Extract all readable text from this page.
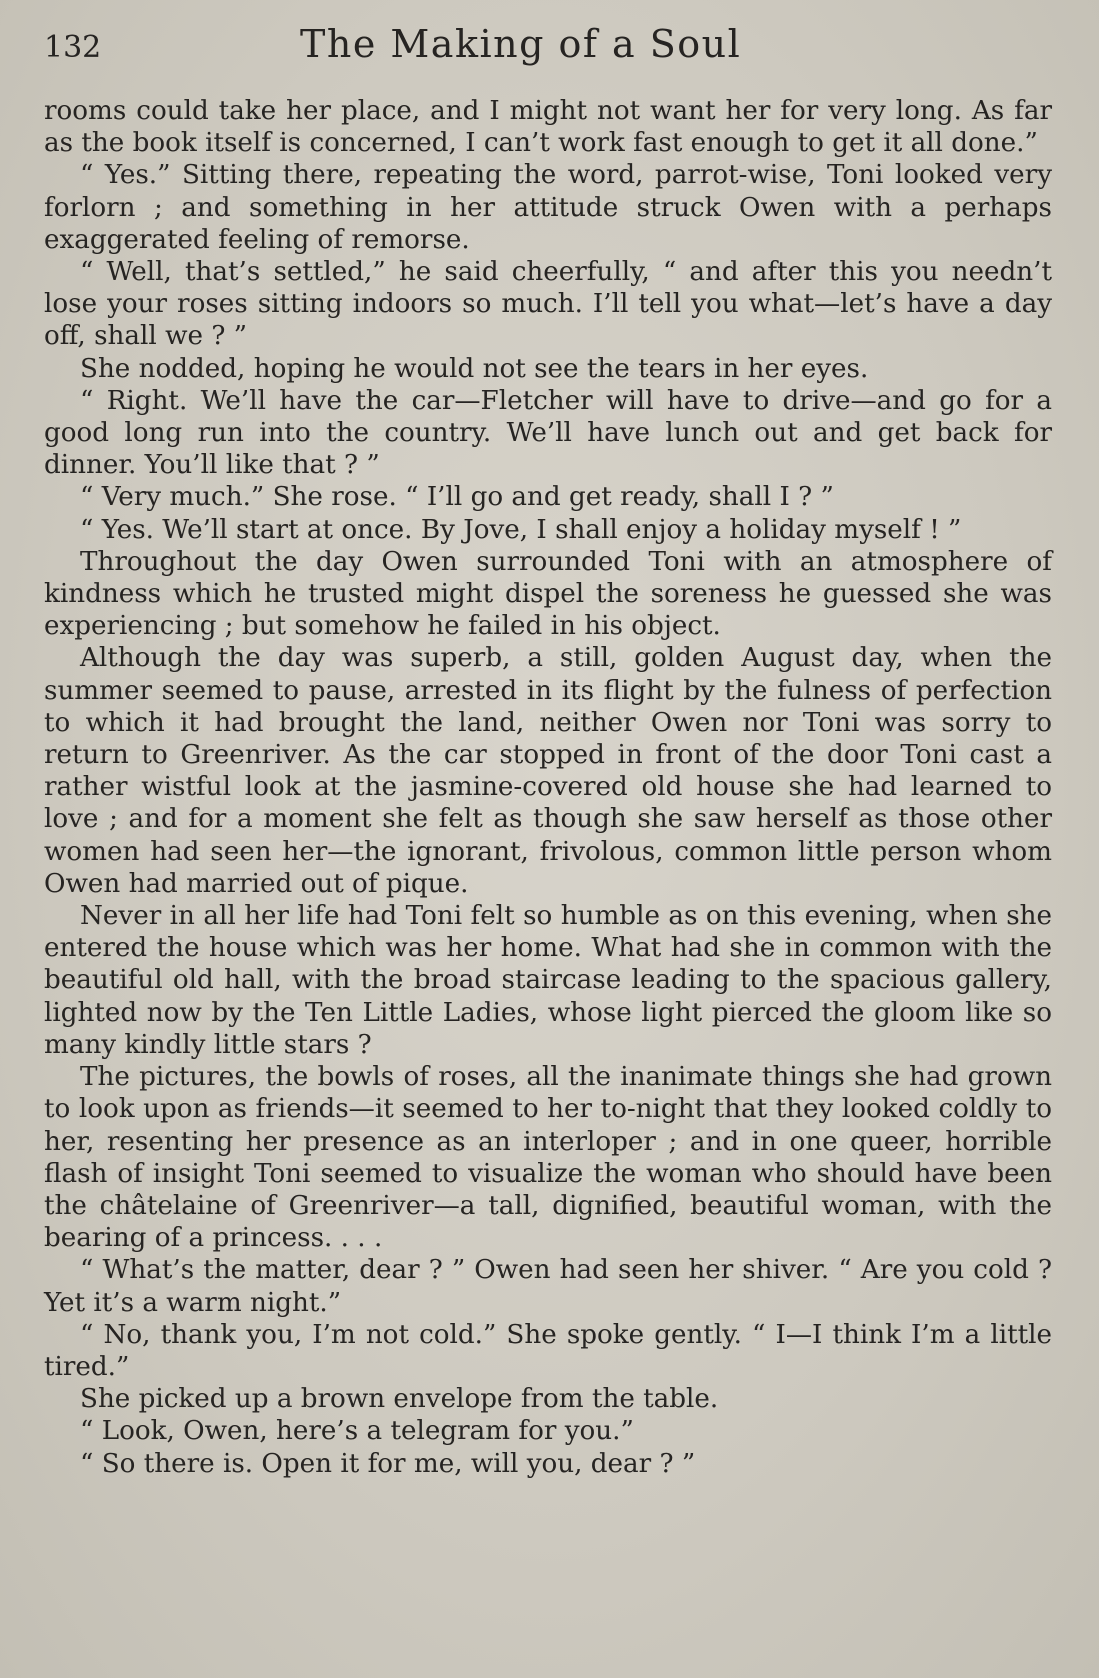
132	The Making of a Soul

rooms could take her place, and I might not want her for very long. As far as the book itself is concerned, I can’t work fast enough to get it all done.”

“ Yes.” Sitting there, repeating the word, parrot-wise, Toni looked very forlorn ; and something in her attitude struck Owen with a perhaps exaggerated feeling of remorse.

“ Well, that’s settled,” he said cheerfully, “ and after this you needn’t lose your roses sitting indoors so much. I’ll tell you what—let’s have a day off, shall we ? ”

She nodded, hoping he would not see the tears in her eyes.

“ Right. We’ll have the car—Fletcher will have to drive—and go for a good long run into the country. We’ll have lunch out and get back for dinner. You’ll like that ? ”

“ Very much.” She rose. “ I’ll go and get ready, shall I ? ”

“ Yes. We’ll start at once. By Jove, I shall enjoy a holiday myself ! ”

Throughout the day Owen surrounded Toni with an atmosphere of kindness which he trusted might dispel the soreness he guessed she was experiencing ; but somehow he failed in his object.

Although the day was superb, a still, golden August day, when the summer seemed to pause, arrested in its flight by the fulness of perfection to which it had brought the land, neither Owen nor Toni was sorry to return to Greenriver. As the car stopped in front of the door Toni cast a rather wistful look at the jasmine-covered old house she had learned to love ; and for a moment she felt as though she saw herself as those other women had seen her—the ignorant, frivolous, common little person whom Owen had married out of pique.

Never in all her life had Toni felt so humble as on this evening, when she entered the house which was her home. What had she in common with the beautiful old hall, with the broad staircase leading to the spacious gallery, lighted now by the Ten Little Ladies, whose light pierced the gloom like so many kindly little stars ?

The pictures, the bowls of roses, all the inanimate things she had grown to look upon as friends—it seemed to her to-night that they looked coldly to her, resenting her presence as an interloper ; and in one queer, horrible flash of insight Toni seemed to visualize the woman who should have been the châtelaine of Greenriver—a tall, dignified, beautiful woman, with the bearing of a princess. . . .

“ What’s the matter, dear ? ” Owen had seen her shiver. “ Are you cold ? Yet it’s a warm night.”

“ No, thank you, I’m not cold.” She spoke gently. “ I—I think I’m a little tired.”

She picked up a brown envelope from the table.

“ Look, Owen, here’s a telegram for you.”

“ So there is. Open it for me, will you, dear ? ”
